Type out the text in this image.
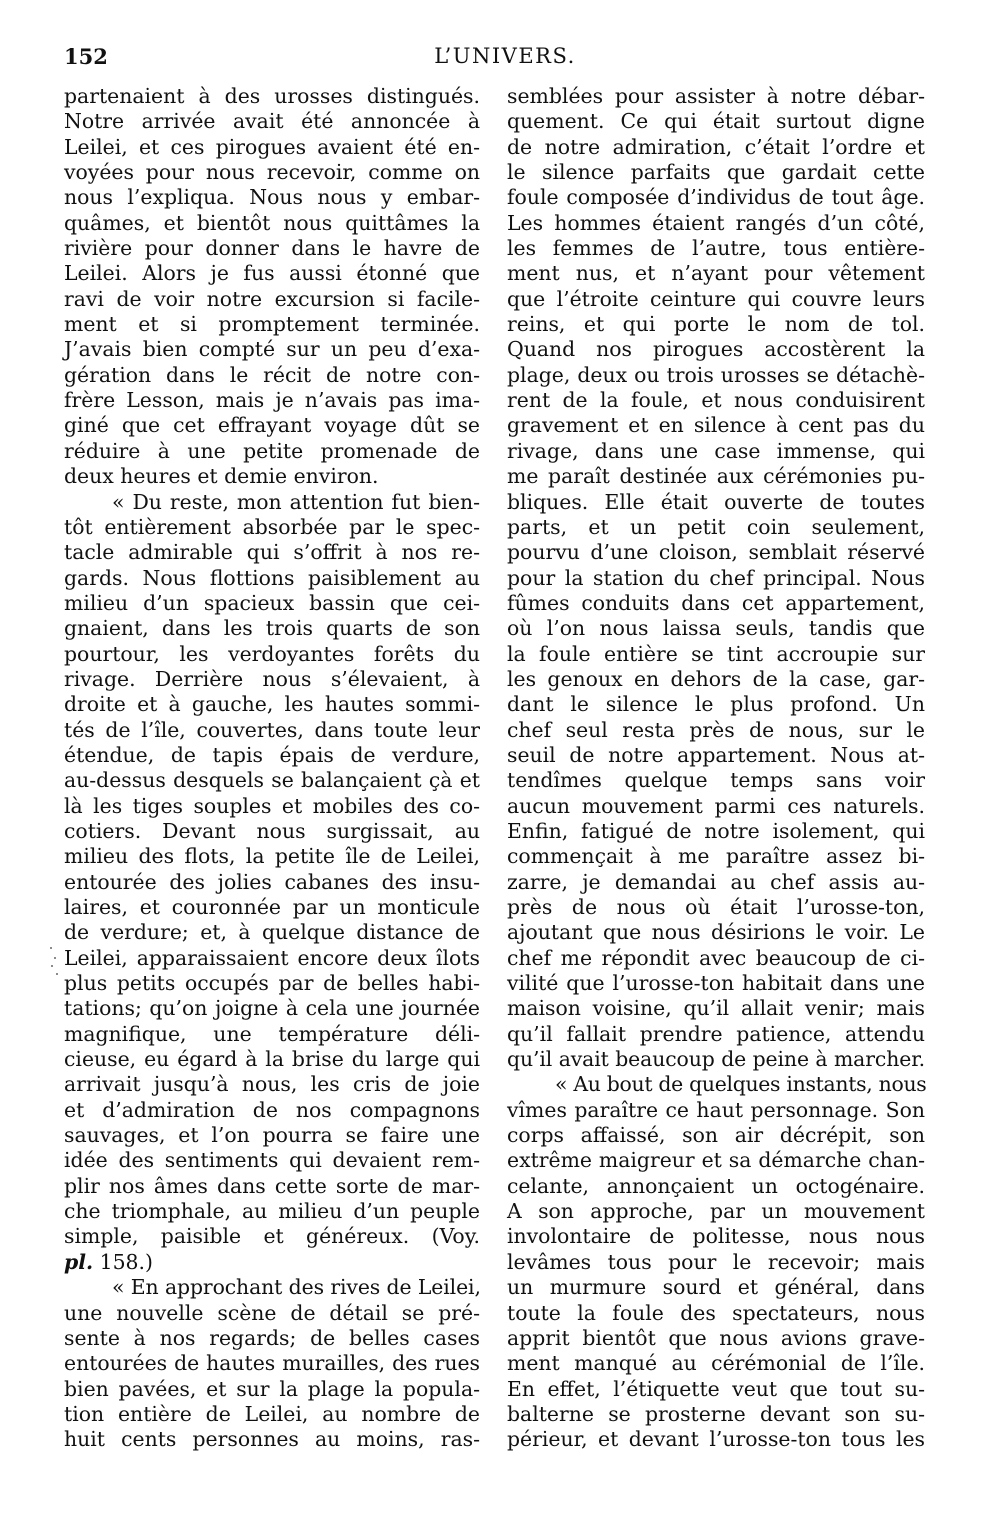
152	L’UNIVERS.
partenaient à des urosses distingués.
Notre arrivée avait été annoncée à
Leilei, et ces pirogues avaient été en-
voyées pour nous recevoir, comme on
nous l’expliqua. Nous nous y embar-
quâmes, et bientôt nous quittâmes la
rivière pour donner dans le havre de
Leilei. Alors je fus aussi étonné que
ravi de voir notre excursion si facile-
ment et si promptement terminée.
J’avais bien compté sur un peu d’exa-
gération dans le récit de notre con-
frère Lesson, mais je n’avais pas ima-
giné que cet effrayant voyage dût se
réduire à une petite promenade de
deux heures et demie environ.
« Du reste, mon attention fut bien-
tôt entièrement absorbée par le spec-
tacle admirable qui s’offrit à nos re-
gards. Nous flottions paisiblement au
milieu d’un spacieux bassin que cei-
gnaient, dans les trois quarts de son
pourtour, les verdoyantes forêts du
rivage. Derrière nous s’élevaient, à
droite et à gauche, les hautes sommi-
tés de l’île, couvertes, dans toute leur
étendue, de tapis épais de verdure,
au-dessus desquels se balançaient çà et
là les tiges souples et mobiles des co-
cotiers. Devant nous surgissait, au
milieu des flots, la petite île de Leilei,
entourée des jolies cabanes des insu-
laires, et couronnée par un monticule
de verdure; et, à quelque distance de
Leilei, apparaissaient encore deux îlots
plus petits occupés par de belles habi-
tations; qu’on joigne à cela une journée
magnifique, une température déli-
cieuse, eu égard à la brise du large qui
arrivait jusqu’à nous, les cris de joie
et d’admiration de nos compagnons
sauvages, et l’on pourra se faire une
idée des sentiments qui devaient rem-
plir nos âmes dans cette sorte de mar-
che triomphale, au milieu d’un peuple
simple, paisible et généreux. (Voy.
pl. 158.)
« En approchant des rives de Leilei,
une nouvelle scène de détail se pré-
sente à nos regards; de belles cases
entourées de hautes murailles, des rues
bien pavées, et sur la plage la popula-
tion entière de Leilei, au nombre de
huit cents personnes au moins, ras-
semblées pour assister à notre débar-
quement. Ce qui était surtout digne
de notre admiration, c’était l’ordre et
le silence parfaits que gardait cette
foule composée d’individus de tout âge.
Les hommes étaient rangés d’un côté,
les femmes de l’autre, tous entière-
ment nus, et n’ayant pour vêtement
que l’étroite ceinture qui couvre leurs
reins, et qui porte le nom de tol.
Quand nos pirogues accostèrent la
plage, deux ou trois urosses se détachè-
rent de la foule, et nous conduisirent
gravement et en silence à cent pas du
rivage, dans une case immense, qui
me paraît destinée aux cérémonies pu-
bliques. Elle était ouverte de toutes
parts, et un petit coin seulement,
pourvu d’une cloison, semblait réservé
pour la station du chef principal. Nous
fûmes conduits dans cet appartement,
où l’on nous laissa seuls, tandis que
la foule entière se tint accroupie sur
les genoux en dehors de la case, gar-
dant le silence le plus profond. Un
chef seul resta près de nous, sur le
seuil de notre appartement. Nous at-
tendîmes quelque temps sans voir
aucun mouvement parmi ces naturels.
Enfin, fatigué de notre isolement, qui
commençait à me paraître assez bi-
zarre, je demandai au chef assis au-
près de nous où était l’urosse-ton,
ajoutant que nous désirions le voir. Le
chef me répondit avec beaucoup de ci-
vilité que l’urosse-ton habitait dans une
maison voisine, qu’il allait venir; mais
qu’il fallait prendre patience, attendu
qu’il avait beaucoup de peine à marcher.
« Au bout de quelques instants, nous
vîmes paraître ce haut personnage. Son
corps affaissé, son air décrépit, son
extrême maigreur et sa démarche chan-
celante, annonçaient un octogénaire.
A son approche, par un mouvement
involontaire de politesse, nous nous
levâmes tous pour le recevoir; mais
un murmure sourd et général, dans
toute la foule des spectateurs, nous
apprit bientôt que nous avions grave-
ment manqué au cérémonial de l’île.
En effet, l’étiquette veut que tout su-
balterne se prosterne devant son su-
périeur, et devant l’urosse-ton tous les
